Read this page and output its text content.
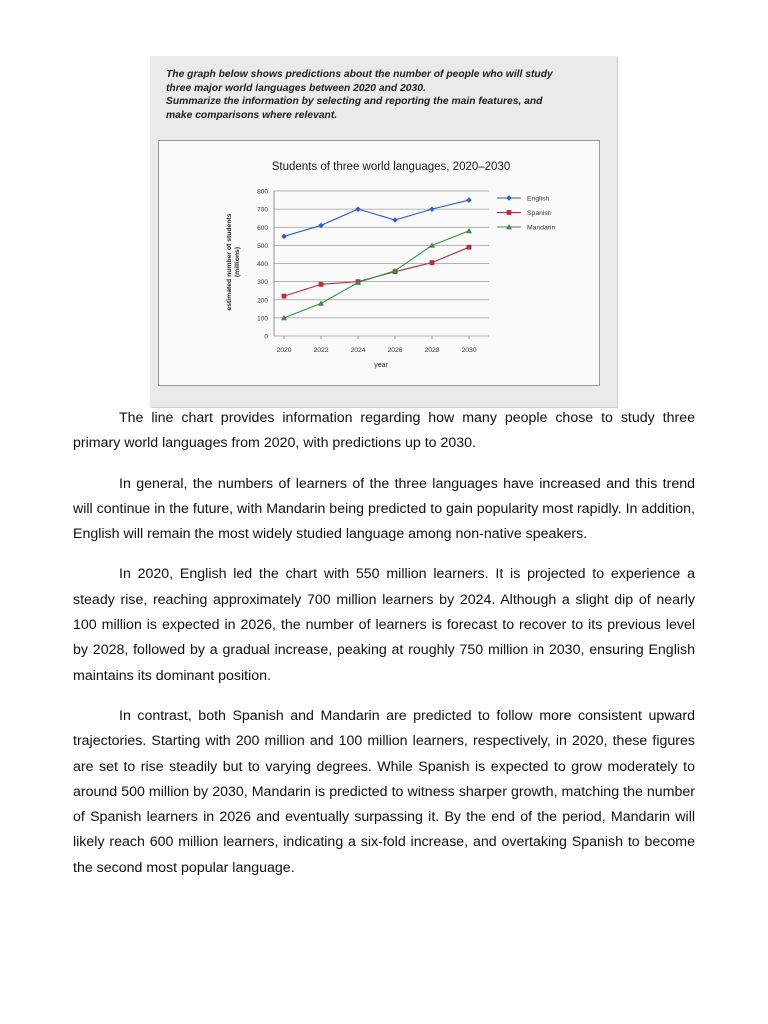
The graph below shows predictions about the number of people who will study
three major world languages between 2020 and 2030.
Summarize the information by selecting and reporting the main features, and
make comparisons where relevant.
Students of three world languages, 2020–2030
0
100
200
300
400
500
600
700
800
2020	2022	2024	2026	2028	2030
estimated number of students (millions)
year
English
Spanish
Mandarin

The line chart provides information regarding how many people chose to study three primary world languages from 2020, with predictions up to 2030.

In general, the numbers of learners of the three languages have increased and this trend will continue in the future, with Mandarin being predicted to gain popularity most rapidly. In addition, English will remain the most widely studied language among non-native speakers.

In 2020, English led the chart with 550 million learners. It is projected to experience a steady rise, reaching approximately 700 million learners by 2024. Although a slight dip of nearly 100 million is expected in 2026, the number of learners is forecast to recover to its previous level by 2028, followed by a gradual increase, peaking at roughly 750 million in 2030, ensuring English maintains its dominant position.

In contrast, both Spanish and Mandarin are predicted to follow more consistent upward trajectories. Starting with 200 million and 100 million learners, respectively, in 2020, these figures are set to rise steadily but to varying degrees. While Spanish is expected to grow moderately to around 500 million by 2030, Mandarin is predicted to witness sharper growth, matching the number of Spanish learners in 2026 and eventually surpassing it. By the end of the period, Mandarin will likely reach 600 million learners, indicating a six-fold increase, and overtaking Spanish to become the second most popular language.
